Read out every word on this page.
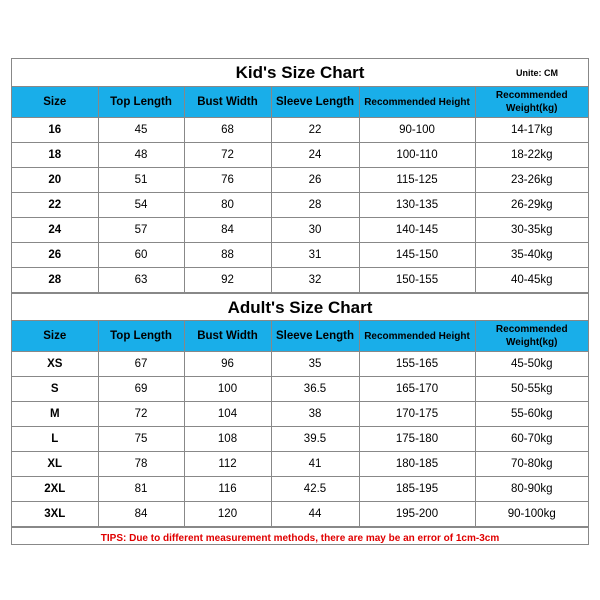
Kid's Size Chart	Unite: CM
Size	Top Length	Bust Width	Sleeve Length	Recommended Height	Recommended Weight(kg)
16	45	68	22	90-100	14-17kg
18	48	72	24	100-110	18-22kg
20	51	76	26	115-125	23-26kg
22	54	80	28	130-135	26-29kg
24	57	84	30	140-145	30-35kg
26	60	88	31	145-150	35-40kg
28	63	92	32	150-155	40-45kg
Adult's Size Chart
Size	Top Length	Bust Width	Sleeve Length	Recommended Height	Recommended Weight(kg)
XS	67	96	35	155-165	45-50kg
S	69	100	36.5	165-170	50-55kg
M	72	104	38	170-175	55-60kg
L	75	108	39.5	175-180	60-70kg
XL	78	112	41	180-185	70-80kg
2XL	81	116	42.5	185-195	80-90kg
3XL	84	120	44	195-200	90-100kg
TIPS: Due to different measurement methods, there are may be an error of 1cm-3cm
